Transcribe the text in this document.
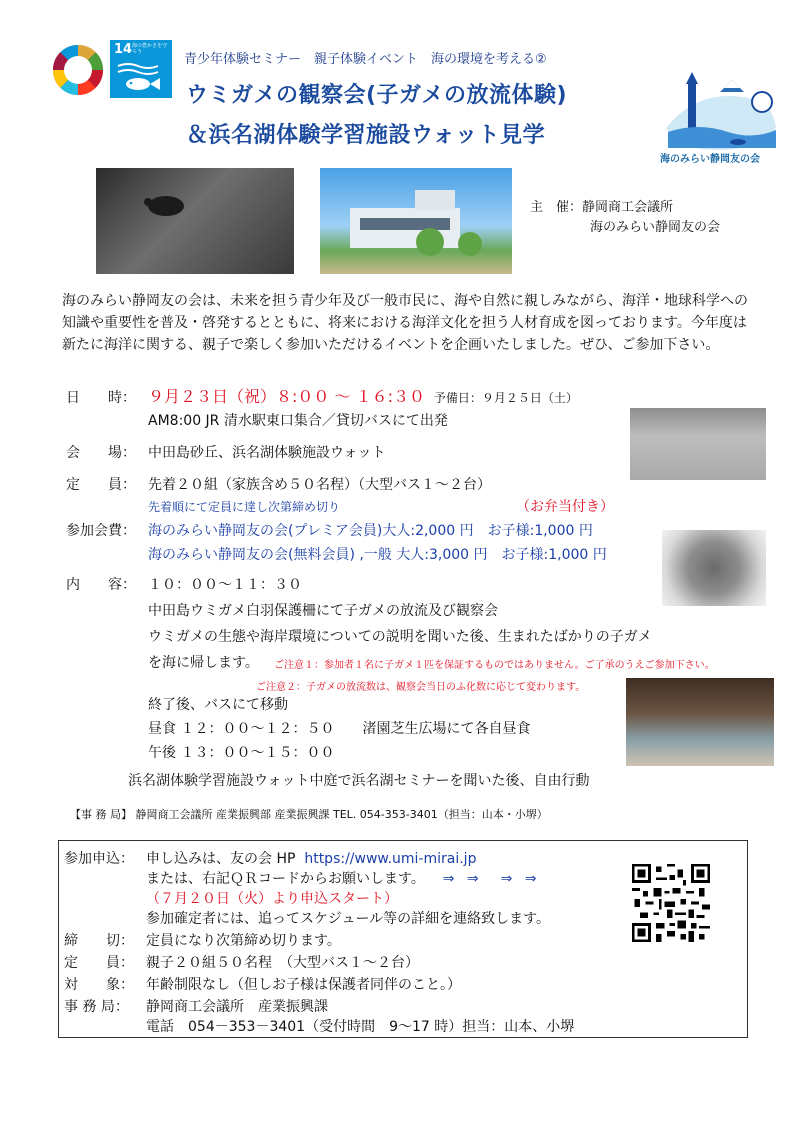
14 海の豊かさを守ろう	青少年体験セミナー　親子体験イベント　海の環境を考える②
ウミガメの観察会(子ガメの放流体験)
＆浜名湖体験学習施設ウォット見学
海のみらい静岡友の会
主　催：静岡商工会議所
海のみらい静岡友の会
海のみらい静岡友の会は、未来を担う青少年及び一般市民に、海や自然に親しみながら、海洋・地球科学への知識や重要性を普及・啓発するとともに、将来における海洋文化を担う人材育成を図っております。今年度は新たに海洋に関する、親子で楽しく参加いただけるイベントを企画いたしました。ぜひ、ご参加下さい。
日　　時： ９月２３日（祝）８:００ ～ １６:３０ 予備日：９月２５日（土）
AM8:00 JR 清水駅東口集合／貸切バスにて出発
会　　場： 中田島砂丘、浜名湖体験施設ウォット
定　　員： 先着２０組（家族含め５０名程）（大型バス１～２台）
先着順にて定員に達し次第締め切り	（お弁当付き）
参加会費： 海のみらい静岡友の会(プレミア会員)大人:2,000 円　お子様:1,000 円
海のみらい静岡友の会(無料会員) ,一般 大人:3,000 円　お子様:1,000 円
内　　容： １０：００～１１：３０
中田島ウミガメ白羽保護柵にて子ガメの放流及び観察会
ウミガメの生態や海岸環境についての説明を聞いた後、生まれたばかりの子ガメ
を海に帰します。 ご注意１：参加者１名に子ガメ１匹を保証するものではありません。ご了承のうえご参加下さい。
ご注意２：子ガメの放流数は、観察会当日のふ化数に応じて変わります。
終了後、バスにて移動
昼食 １２：００～１２：５０　　渚園芝生広場にて各自昼食
午後 １３：００～１５：００
浜名湖体験学習施設ウォット中庭で浜名湖セミナーを聞いた後、自由行動
【事 務 局】 静岡商工会議所 産業振興部 産業振興課 TEL. 054-353-3401（担当：山本・小堺）
参加申込： 申し込みは、友の会 HP https://www.umi-mirai.jp
または、右記ＱＲコードからお願いします。 ⇒ ⇒　⇒ ⇒
（７月２０日（火）より申込スタート）
参加確定者には、追ってスケジュール等の詳細を連絡致します。
締　　切： 定員になり次第締め切ります。
定　　員： 親子２０組５０名程　（大型バス１～２台）
対　　象： 年齢制限なし（但しお子様は保護者同伴のこと。）
事 務 局： 静岡商工会議所　産業振興課
電話　054－353－3401（受付時間　9～17 時）担当：山本、小堺
